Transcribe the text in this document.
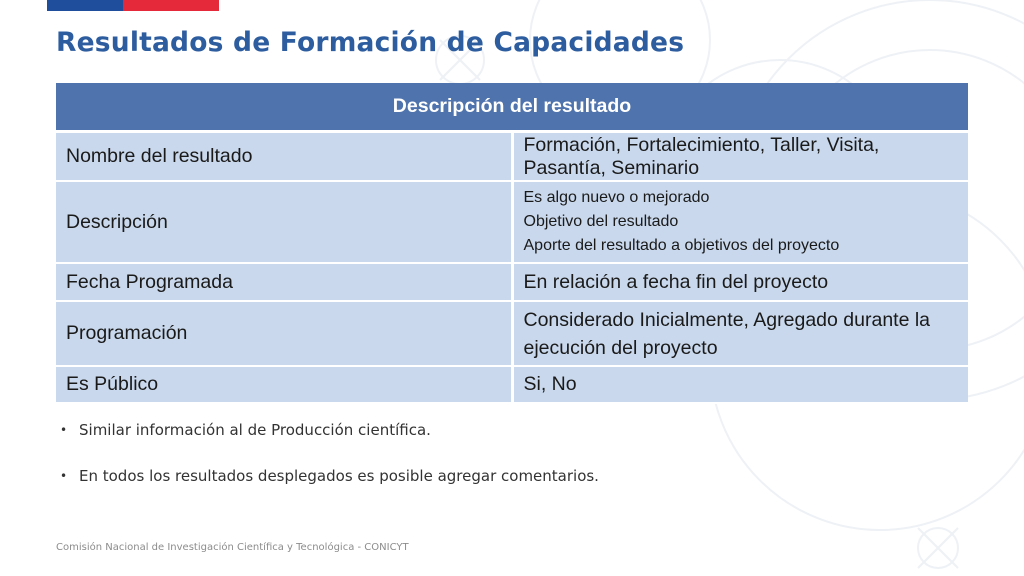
Resultados de Formación de Capacidades
Descripción del resultado	
Nombre del resultado	Formación, Fortalecimiento, Taller, Visita, Pasantía, Seminario
Descripción	Es algo nuevo o mejorado
Objetivo del resultado
Aporte del resultado a objetivos del proyecto

Fecha Programada	En relación a fecha fin del proyecto
Programación	Considerado Inicialmente, Agregado durante la ejecución del proyecto
Es Público	Si, No
• Similar información al de Producción científica.
• En todos los resultados desplegados es posible agregar comentarios.
Comisión Nacional de Investigación Científica y Tecnológica - CONICYT
